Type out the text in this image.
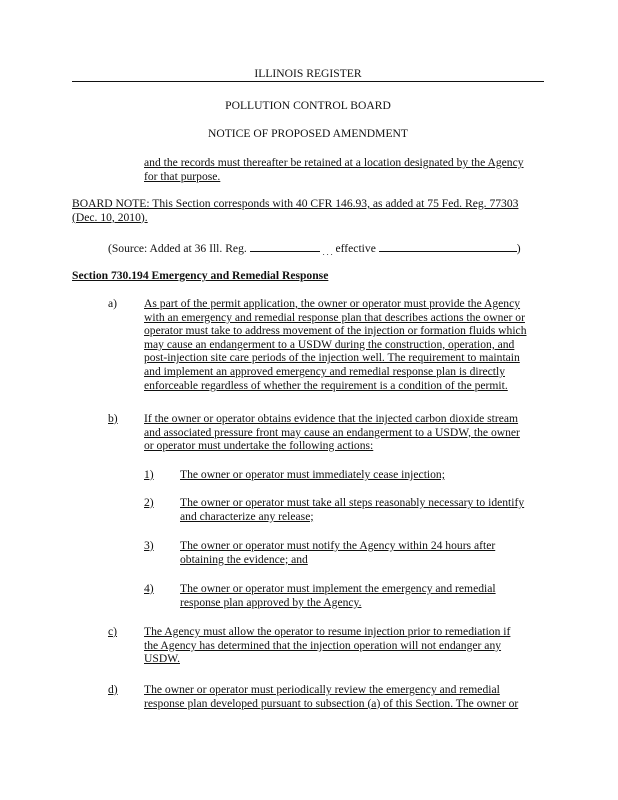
ILLINOIS REGISTER
POLLUTION CONTROL BOARD
NOTICE OF PROPOSED AMENDMENT
and the records must thereafter be retained at a location designated by the Agency
for that purpose.
BOARD NOTE: This Section corresponds with 40 CFR 146.93, as added at 75 Fed. Reg. 77303
(Dec. 10, 2010).
(Source: Added at 36 Ill. Reg.	$_{. . .}$ effective	)
Section 730.194 Emergency and Remedial Response
a) As part of the permit application, the owner or operator must provide the Agency
with an emergency and remedial response plan that describes actions the owner or
operator must take to address movement of the injection or formation fluids which
may cause an endangerment to a USDW during the construction, operation, and
post-injection site care periods of the injection well. The requirement to maintain
and implement an approved emergency and remedial response plan is directly
enforceable regardless of whether the requirement is a condition of the permit.
b) If the owner or operator obtains evidence that the injected carbon dioxide stream
and associated pressure front may cause an endangerment to a USDW, the owner
or operator must undertake the following actions:
1) The owner or operator must immediately cease injection;
2) The owner or operator must take all steps reasonably necessary to identify
and characterize any release;
3) The owner or operator must notify the Agency within 24 hours after
obtaining the evidence; and
4) The owner or operator must implement the emergency and remedial
response plan approved by the Agency.
c) The Agency must allow the operator to resume injection prior to remediation if
the Agency has determined that the injection operation will not endanger any
USDW.
d) The owner or operator must periodically review the emergency and remedial
response plan developed pursuant to subsection (a) of this Section. The owner or
